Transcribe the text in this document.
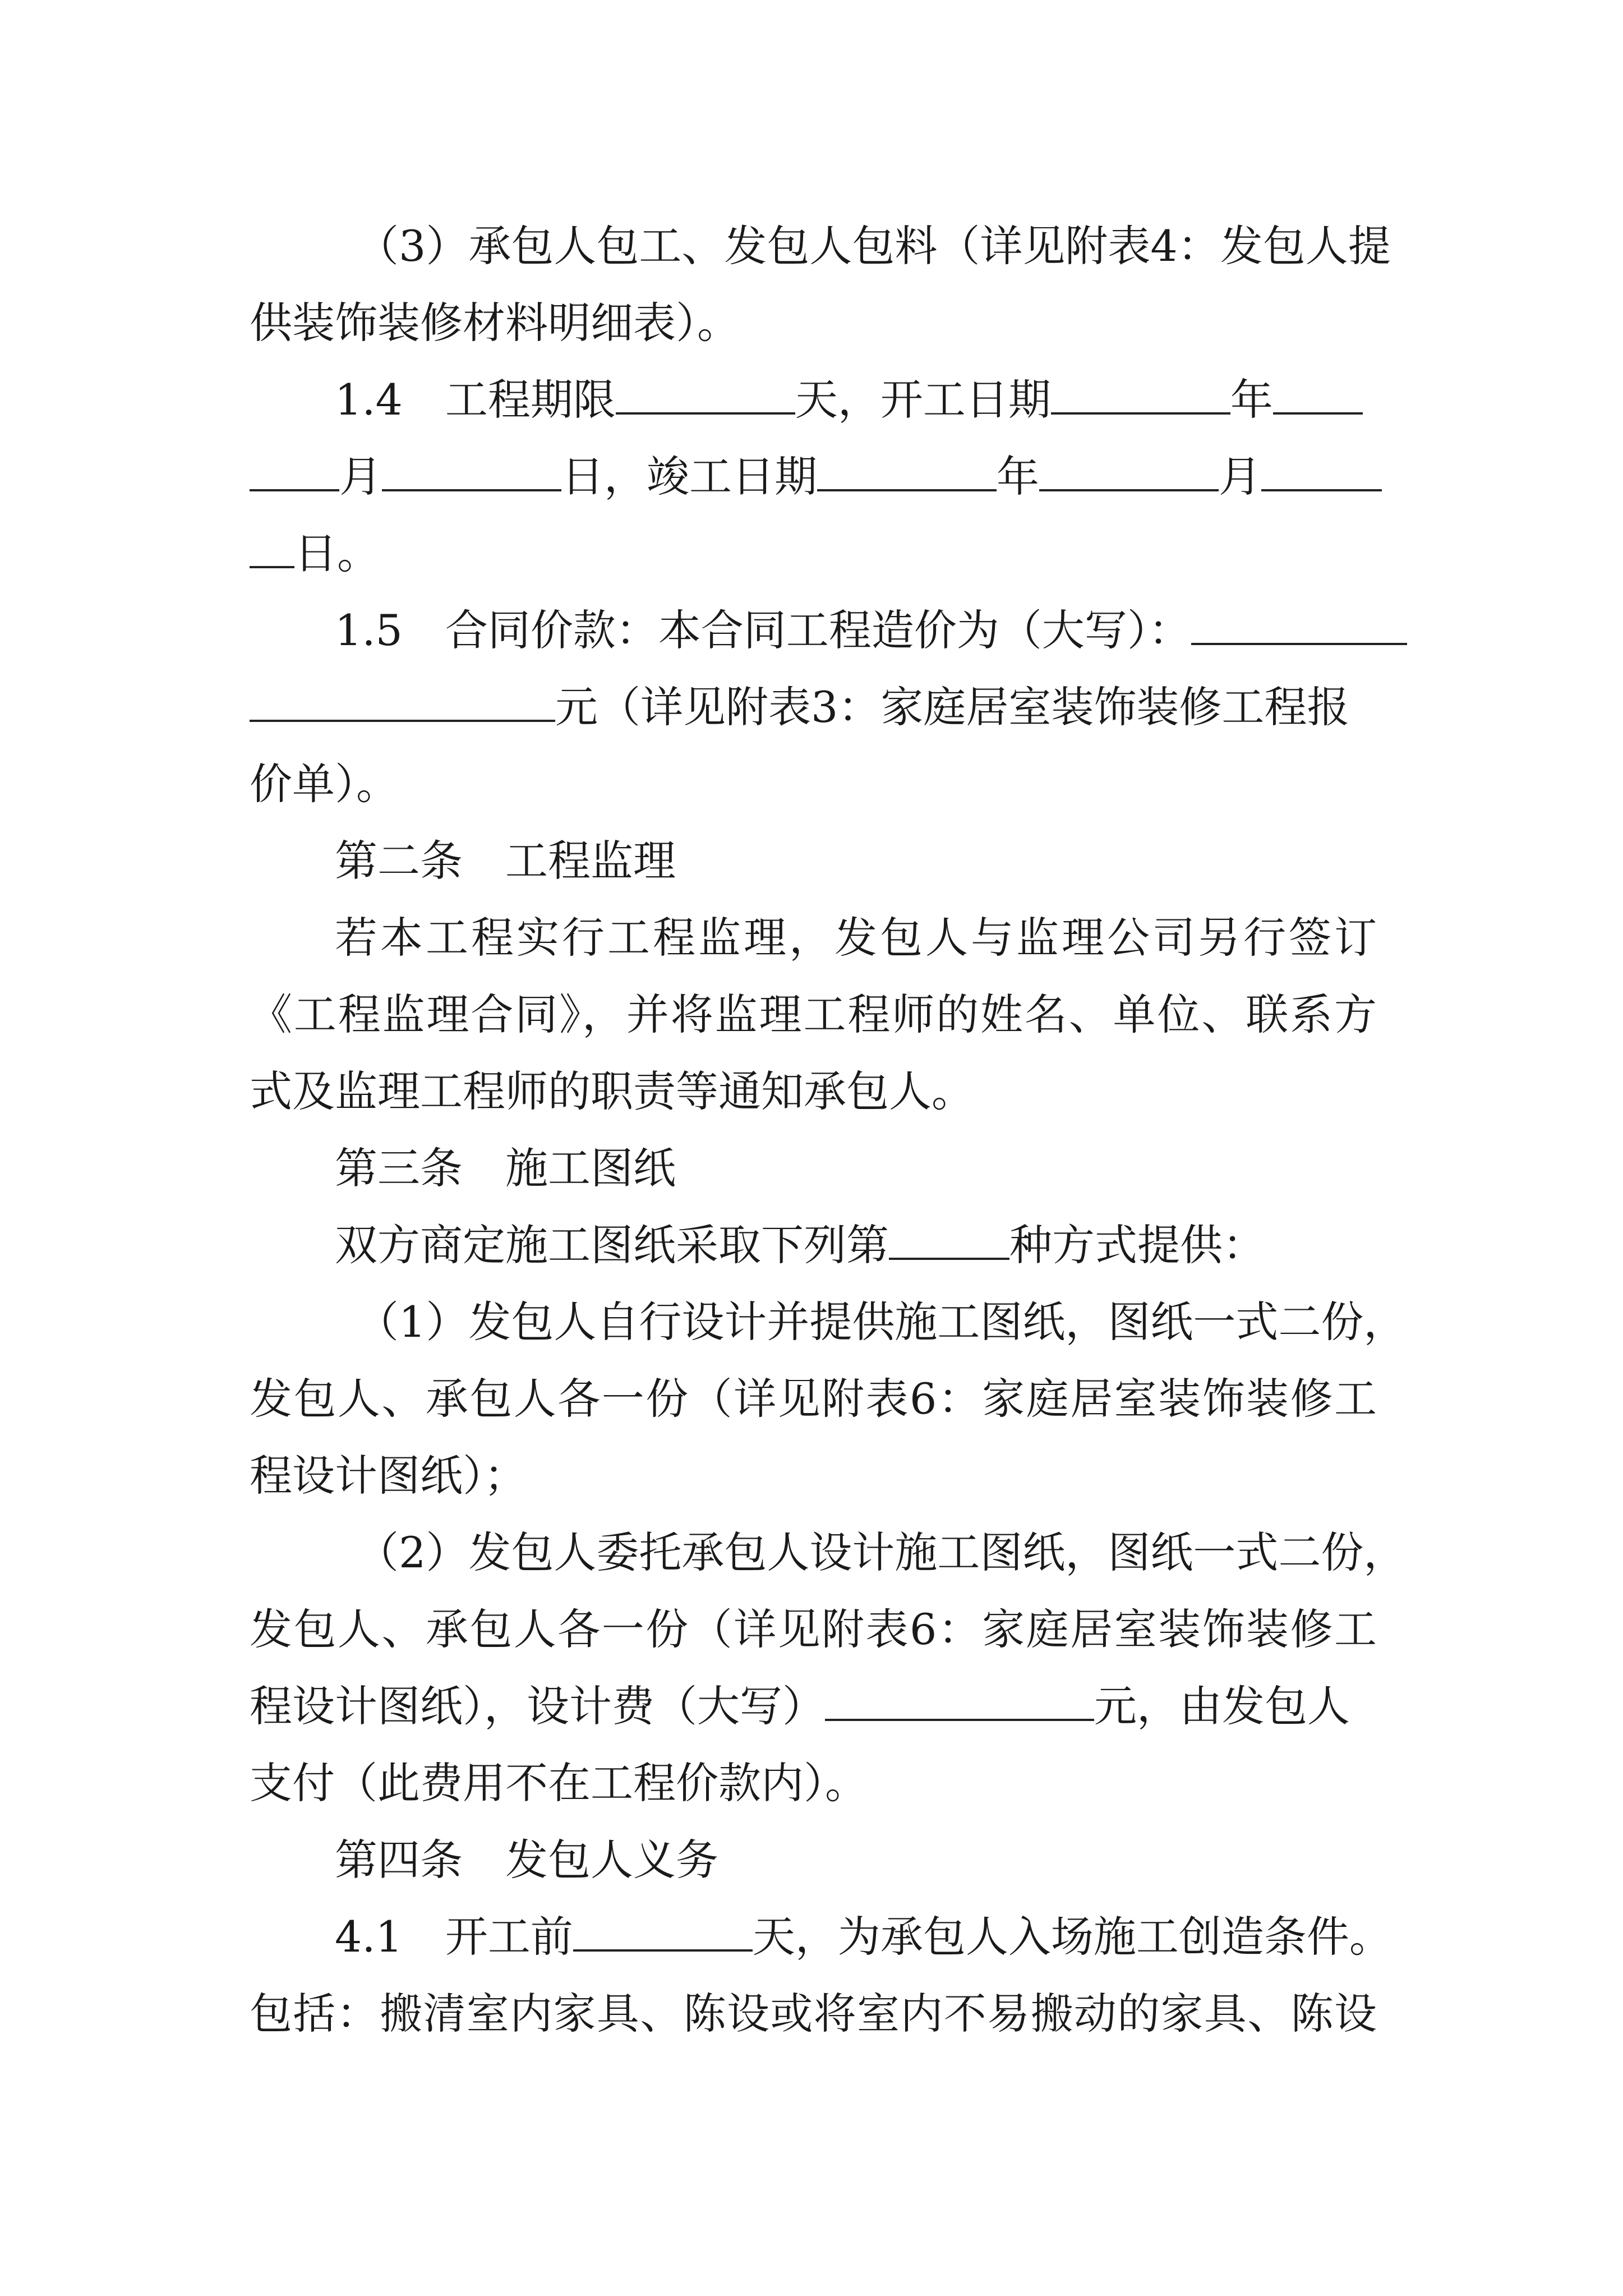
（3）承包人包工、发包人包料（详见附表4：发包人提
供装饰装修材料明细表）。
1.4　工程期限	天，开工日期	年
月	日，竣工日期	年	月
日。
1.5　合同价款：本合同工程造价为（大写）：
元（详见附表3：家庭居室装饰装修工程报
价单）。
第二条　工程监理
若本工程实行工程监理，发包人与监理公司另行签订
《工程监理合同》，并将监理工程师的姓名、单位、联系方
式及监理工程师的职责等通知承包人。
第三条　施工图纸
双方商定施工图纸采取下列第	种方式提供：
（1）发包人自行设计并提供施工图纸，图纸一式二份，
发包人、承包人各一份（详见附表6：家庭居室装饰装修工
程设计图纸）；
（2）发包人委托承包人设计施工图纸，图纸一式二份，
发包人、承包人各一份（详见附表6：家庭居室装饰装修工
程设计图纸），设计费（大写）	元，由发包人
支付（此费用不在工程价款内）。
第四条　发包人义务
4.1　开工前	天，为承包人入场施工创造条件。
包括：搬清室内家具、陈设或将室内不易搬动的家具、陈设
